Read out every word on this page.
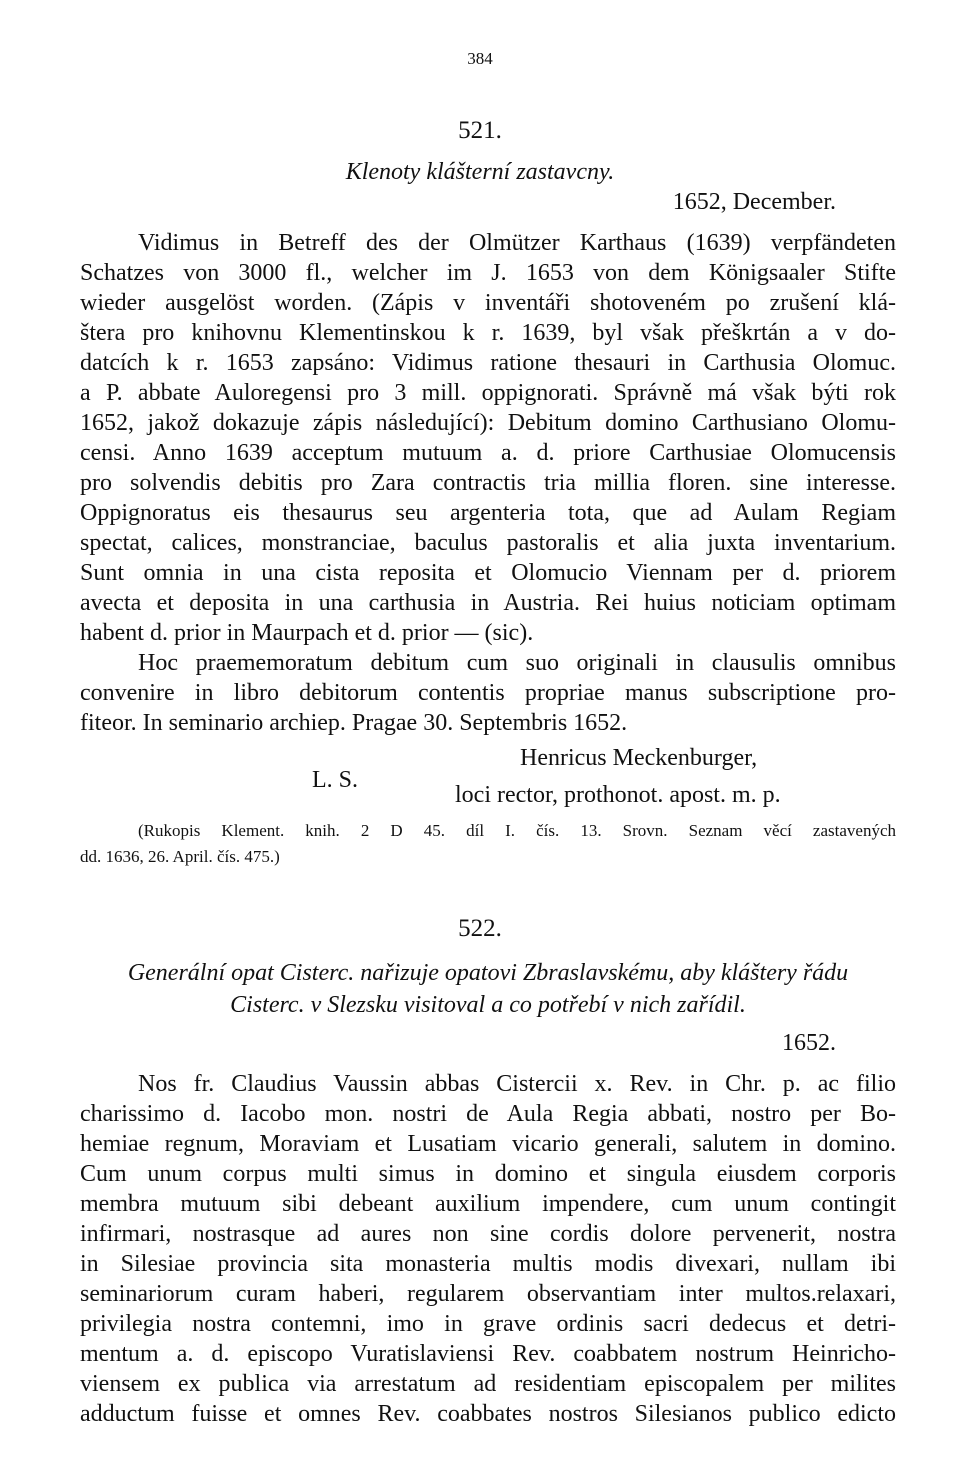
384
521.
Klenoty klášterní zastavcny.
1652, December.
Vidimus in Betreff des der Olmützer Karthaus (1639) verpfändeten
Schatzes von 3000 fl., welcher im J. 1653 von dem Königsaaler Stifte
wieder ausgelöst worden. (Zápis v inventáři shotoveném po zrušení klá-
štera pro knihovnu Klementinskou k r. 1639, byl však přeškrtán a v do-
datcích k r. 1653 zapsáno: Vidimus ratione thesauri in Carthusia Olomuc.
a P. abbate Auloregensi pro 3 mill. oppignorati. Správně má však býti rok
1652, jakož dokazuje zápis následující): Debitum domino Carthusiano Olomu-
censi. Anno 1639 acceptum mutuum a. d. priore Carthusiae Olomucensis
pro solvendis debitis pro Zara contractis tria millia floren. sine interesse.
Oppignoratus eis thesaurus seu argenteria tota, que ad Aulam Regiam
spectat, calices, monstranciae, baculus pastoralis et alia juxta inventarium.
Sunt omnia in una cista reposita et Olomucio Viennam per d. priorem
avecta et deposita in una carthusia in Austria. Rei huius noticiam optimam
habent d. prior in Maurpach et d. prior — (sic).
Hoc praememoratum debitum cum suo originali in clausulis omnibus
convenire in libro debitorum contentis propriae manus subscriptione pro-
fiteor. In seminario archiep. Pragae 30. Septembris 1652.
L. S.
Henricus Meckenburger,
loci rector, prothonot. apost. m. p.
(Rukopis Klement. knih. 2 D 45. díl I. čís. 13. Srovn. Seznam věcí zastavených
dd. 1636, 26. April. čís. 475.)
522.
Generální opat Cisterc. nařizuje opatovi Zbraslavskému, aby kláštery řádu
Cisterc. v Slezsku visitoval a co potřebí v nich zařídil.
1652.
Nos fr. Claudius Vaussin abbas Cistercii x. Rev. in Chr. p. ac filio
charissimo d. Iacobo mon. nostri de Aula Regia abbati, nostro per Bo-
hemiae regnum, Moraviam et Lusatiam vicario generali, salutem in domino.
Cum unum corpus multi simus in domino et singula eiusdem corporis
membra mutuum sibi debeant auxilium impendere, cum unum contingit
infirmari, nostrasque ad aures non sine cordis dolore pervenerit, nostra
in Silesiae provincia sita monasteria multis modis divexari, nullam ibi
seminariorum curam haberi, regularem observantiam inter multos.relaxari,
privilegia nostra contemni, imo in grave ordinis sacri dedecus et detri-
mentum a. d. episcopo Vuratislaviensi Rev. coabbatem nostrum Heinricho-
viensem ex publica via arrestatum ad residentiam episcopalem per milites
adductum fuisse et omnes Rev. coabbates nostros Silesianos publico edicto
